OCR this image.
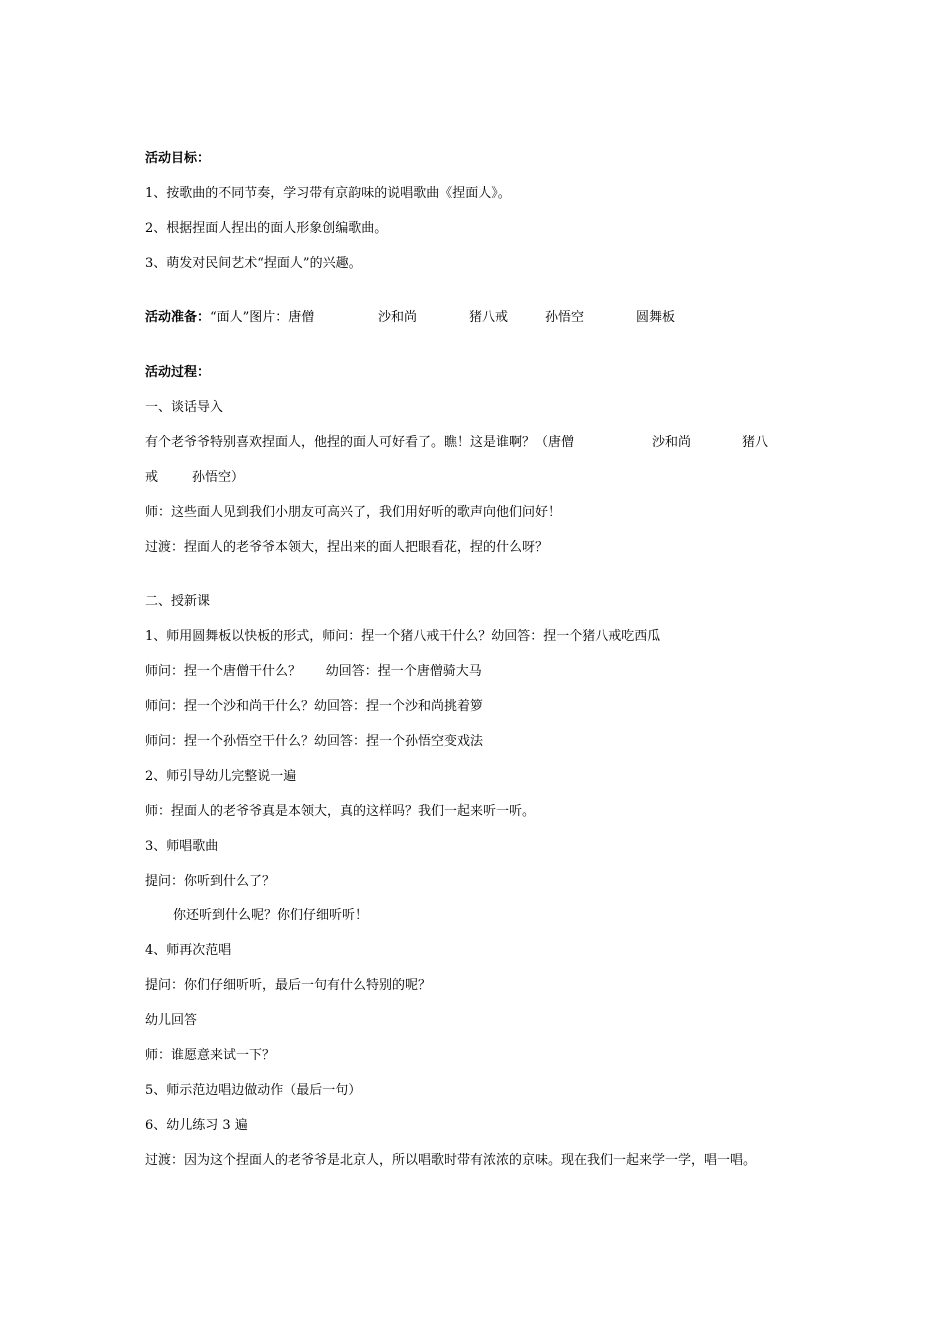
活动目标：
1、按歌曲的不同节奏，学习带有京韵味的说唱歌曲《捏面人》。
2、根据捏面人捏出的面人形象创编歌曲。
3、萌发对民间艺术“捏面人”的兴趣。
活动准备：“面人”图片：唐僧	沙和尚	猪八戒	孙悟空	圆舞板
活动过程：
一、谈话导入
有个老爷爷特别喜欢捏面人，他捏的面人可好看了。瞧！这是谁啊？（唐僧	沙和尚	猪八
戒	孙悟空）
师：这些面人见到我们小朋友可高兴了，我们用好听的歌声向他们问好！
过渡：捏面人的老爷爷本领大，捏出来的面人把眼看花，捏的什么呀？
二、授新课
1、师用圆舞板以快板的形式，师问：捏一个猪八戒干什么？幼回答：捏一个猪八戒吃西瓜
师问：捏一个唐僧干什么？      幼回答：捏一个唐僧骑大马
师问：捏一个沙和尚干什么？幼回答：捏一个沙和尚挑着箩
师问：捏一个孙悟空干什么？幼回答：捏一个孙悟空变戏法
2、师引导幼儿完整说一遍
师：捏面人的老爷爷真是本领大，真的这样吗？我们一起来听一听。
3、师唱歌曲
提问：你听到什么了？
你还听到什么呢？你们仔细听听！
4、师再次范唱
提问：你们仔细听听，最后一句有什么特别的呢？
幼儿回答
师：谁愿意来试一下？
5、师示范边唱边做动作（最后一句）
6、幼儿练习 3 遍
过渡：因为这个捏面人的老爷爷是北京人，所以唱歌时带有浓浓的京味。现在我们一起来学一学，唱一唱。
